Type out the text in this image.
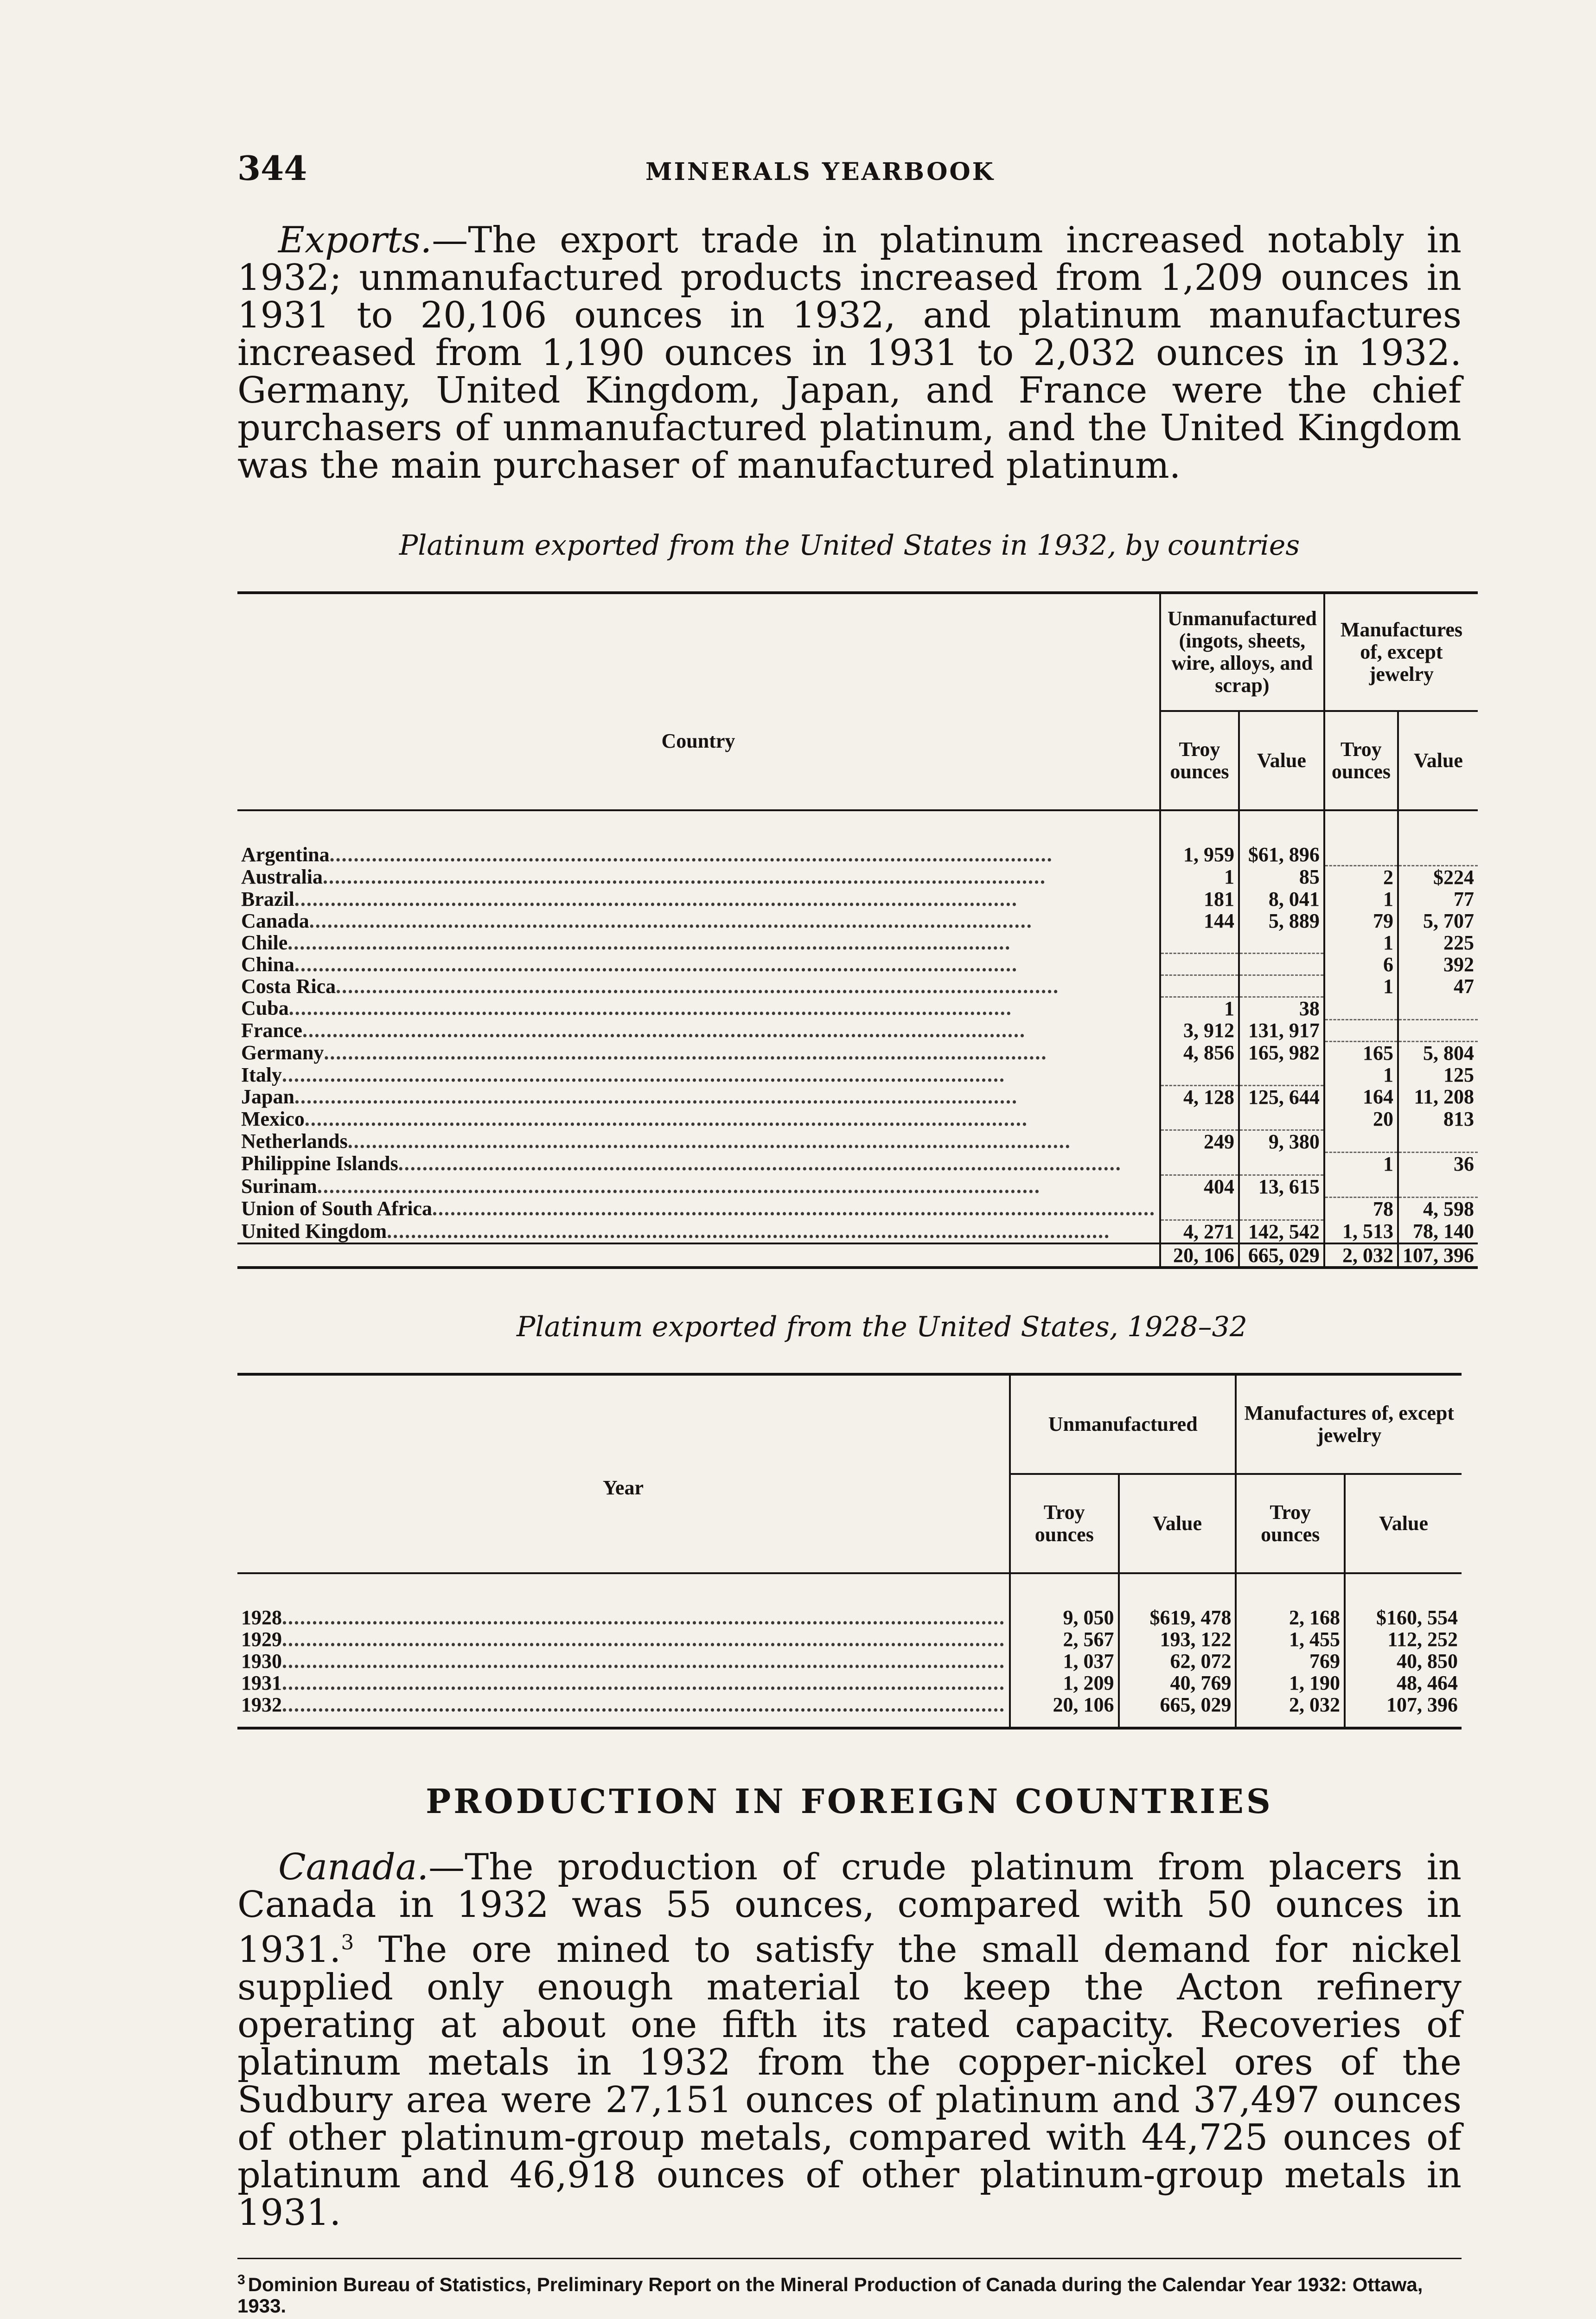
344	MINERALS YEARBOOK

Exports.—The export trade in platinum increased notably in 1932; unmanufactured products increased from 1,209 ounces in 1931 to 20,106 ounces in 1932, and platinum manufactures increased from 1,190 ounces in 1931 to 2,032 ounces in 1932. Germany, United Kingdom, Japan, and France were the chief purchasers of unmanufactured platinum, and the United Kingdom was the main purchaser of manufactured platinum.

Platinum exported from the United States in 1932, by countries
Country	Unmanufactured (ingots, sheets, wire, alloys, and scrap)		Manufactures of, except jewelry	
	Troy ounces	Value	Troy ounces	Value
Argentina........................................................................................................................	1, 959	$61, 896		
Australia........................................................................................................................	1	85	2	$224
Brazil........................................................................................................................	181	8, 041	1	77
Canada........................................................................................................................	144	5, 889	79	5, 707
Chile........................................................................................................................			1	225
China........................................................................................................................			6	392
Costa Rica........................................................................................................................			1	47
Cuba........................................................................................................................	1	38		
France........................................................................................................................	3, 912	131, 917		
Germany........................................................................................................................	4, 856	165, 982	165	5, 804
Italy........................................................................................................................			1	125
Japan........................................................................................................................	4, 128	125, 644	164	11, 208
Mexico........................................................................................................................			20	813
Netherlands........................................................................................................................	249	9, 380		
Philippine Islands........................................................................................................................			1	36
Surinam........................................................................................................................	404	13, 615		
Union of South Africa........................................................................................................................			78	4, 598
United Kingdom........................................................................................................................	4, 271	142, 542	1, 513	78, 140
	20, 106	665, 029	2, 032	107, 396
Platinum exported from the United States, 1928–32
Year	Unmanufactured		Manufactures of, except jewelry	
	Troy ounces	Value	Troy ounces	Value
1928........................................................................................................................	9, 050	$619, 478	2, 168	$160, 554
1929........................................................................................................................	2, 567	193, 122	1, 455	112, 252
1930........................................................................................................................	1, 037	62, 072	769	40, 850
1931........................................................................................................................	1, 209	40, 769	1, 190	48, 464
1932........................................................................................................................	20, 106	665, 029	2, 032	107, 396
PRODUCTION IN FOREIGN COUNTRIES

Canada.—The production of crude platinum from placers in Canada in 1932 was 55 ounces, compared with 50 ounces in 1931.$^3$ The ore mined to satisfy the small demand for nickel supplied only enough material to keep the Acton refinery operating at about one fifth its rated capacity. Recoveries of platinum metals in 1932 from the copper-nickel ores of the Sudbury area were 27,151 ounces of platinum and 37,497 ounces of other platinum-group metals, compared with 44,725 ounces of platinum and 46,918 ounces of other platinum-group metals in 1931.

$^3$ Dominion Bureau of Statistics, Preliminary Report on the Mineral Production of Canada during the Calendar Year 1932: Ottawa, 1933.
